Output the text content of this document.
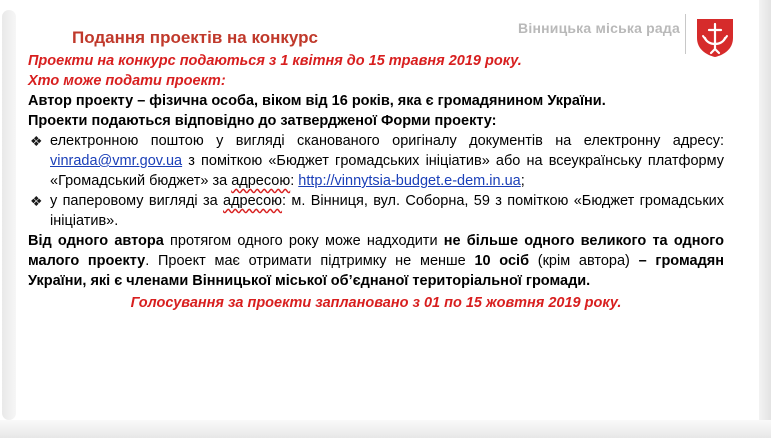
Вінницька міська рада
Подання проектів на конкурс

Проекти на конкурс подаються з 1 квітня до 15 травня 2019 року.

Хто може подати проект:

Автор проекту – фізична особа, віком від 16 років, яка є громадянином України.

Проекти подаються відповідно до затвердженої Форми проекту:

❖ електронною поштою у вигляді сканованого оригіналу документів на електронну адресу: vinrada@vmr.gov.ua з поміткою «Бюджет громадських ініціатив» або на всеукраїнську платформу «Громадський бюджет» за адресою: http://vinnytsia-budget.e-dem.in.ua;

❖ у паперовому вигляді за адресою: м. Вінниця, вул. Соборна, 59 з поміткою «Бюджет громадських ініціатив».

Від одного автора протягом одного року може надходити не більше одного великого та одного малого проекту. Проект має отримати підтримку не менше 10 осіб (крім автора) – громадян України, які є членами Вінницької міської об’єднаної територіальної громади.

Голосування за проекти заплановано з 01 по 15 жовтня 2019 року.
